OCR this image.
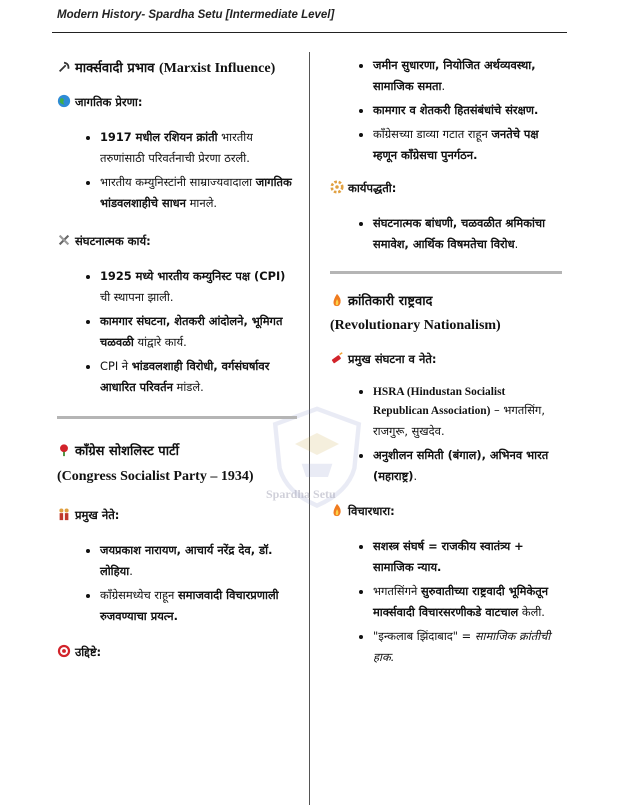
Modern History- Spardha Setu [Intermediate Level]
Spardha Setu
मार्क्सवादी प्रभाव (Marxist Influence)
जागतिक प्रेरणा:
• 1917 मधील रशियन क्रांती भारतीय तरुणांसाठी परिवर्तनाची प्रेरणा ठरली.
• भारतीय कम्युनिस्टांनी साम्राज्यवादाला जागतिक भांडवलशाहीचे साधन मानले.
संघटनात्मक कार्य:
• 1925 मध्ये भारतीय कम्युनिस्ट पक्ष (CPI) ची स्थापना झाली.
• कामगार संघटना, शेतकरी आंदोलने, भूमिगत चळवळी यांद्वारे कार्य.
• CPI ने भांडवलशाही विरोधी, वर्गसंघर्षावर आधारित परिवर्तन मांडले.
काँग्रेस सोशलिस्ट पार्टी
(Congress Socialist Party – 1934)
प्रमुख नेते:
• जयप्रकाश नारायण, आचार्य नरेंद्र देव, डॉ. लोहिया.
• काँग्रेसमध्येच राहून समाजवादी विचारप्रणाली रुजवण्याचा प्रयत्न.
उद्दिष्टे:
• जमीन सुधारणा, नियोजित अर्थव्यवस्था, सामाजिक समता.
• कामगार व शेतकरी हितसंबंधांचे संरक्षण.
• काँग्रेसच्या डाव्या गटात राहून जनतेचे पक्ष म्हणून काँग्रेसचा पुनर्गठन.
कार्यपद्धती:
• संघटनात्मक बांधणी, चळवळीत श्रमिकांचा समावेश, आर्थिक विषमतेचा विरोध.
क्रांतिकारी राष्ट्रवाद
(Revolutionary Nationalism)
प्रमुख संघटना व नेते:
• HSRA (Hindustan Socialist Republican Association) – भगतसिंग, राजगुरू, सुखदेव.
• अनुशीलन समिती (बंगाल), अभिनव भारत (महाराष्ट्र).
विचारधारा:
• सशस्त्र संघर्ष = राजकीय स्वातंत्र्य + सामाजिक न्याय.
• भगतसिंगने सुरुवातीच्या राष्ट्रवादी भूमिकेतून मार्क्सवादी विचारसरणीकडे वाटचाल केली.
• "इन्कलाब झिंदाबाद" = सामाजिक क्रांतीची हाक.
